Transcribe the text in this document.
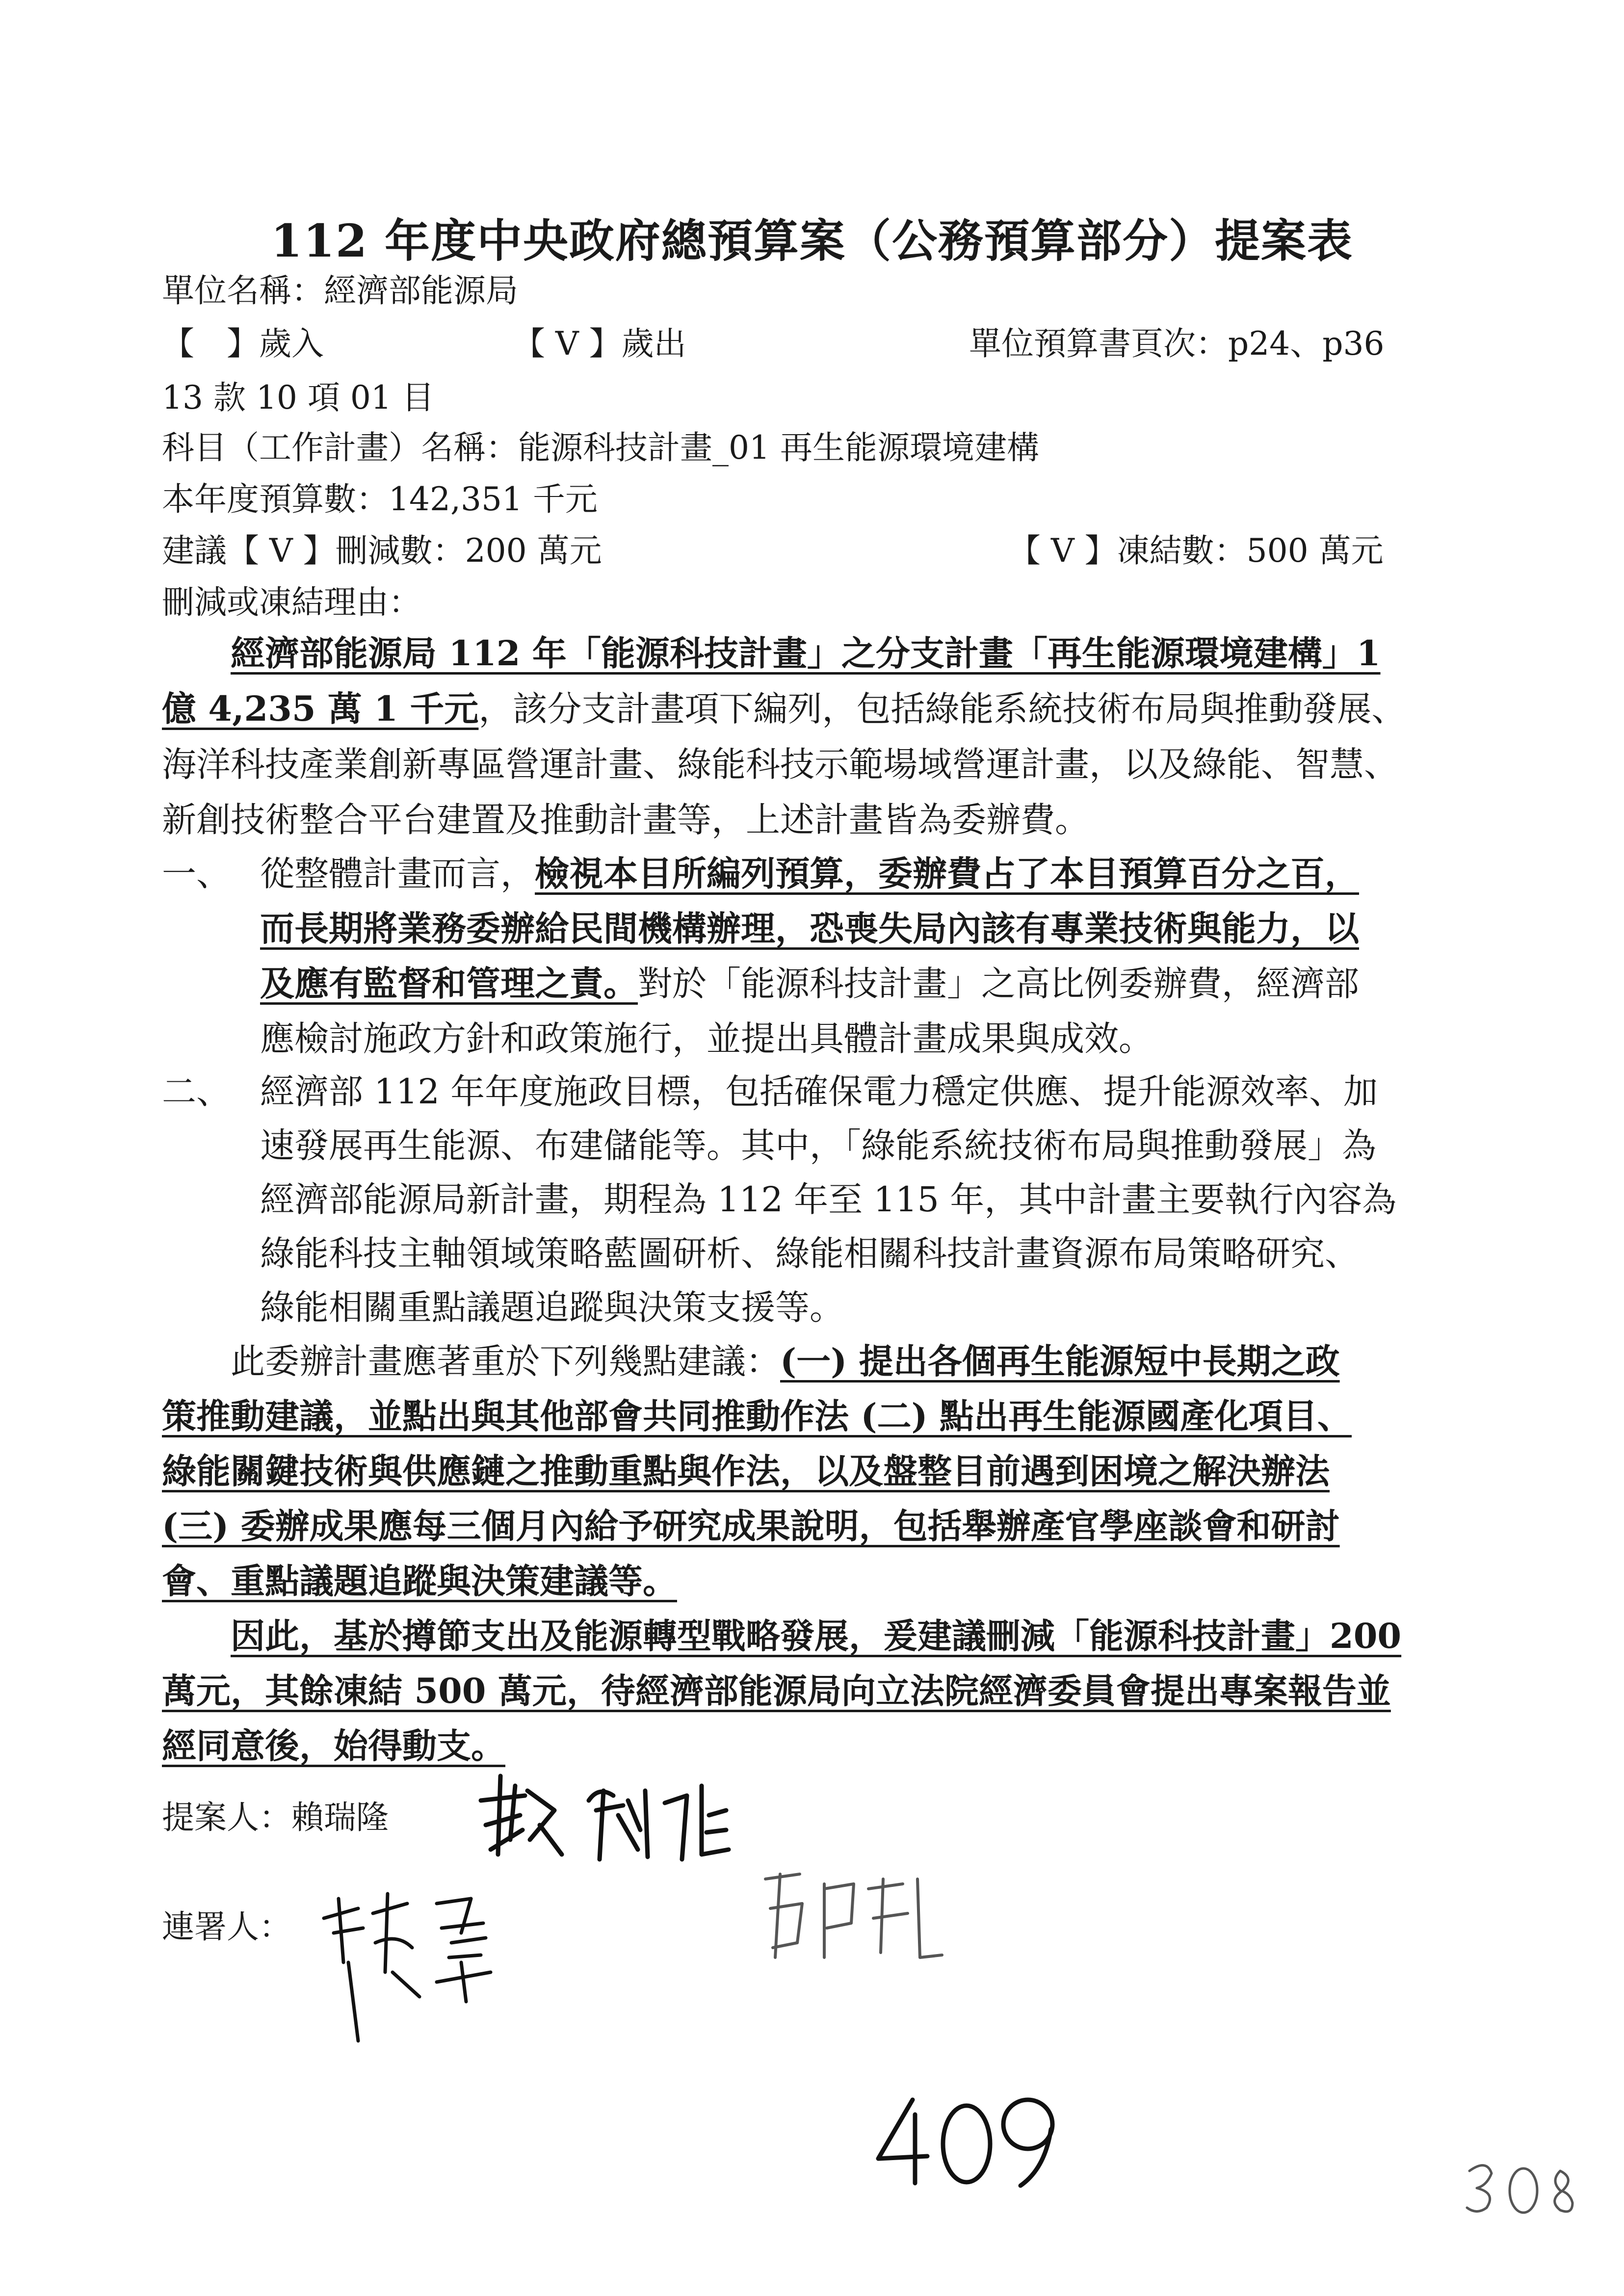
112 年度中央政府總預算案（公務預算部分）提案表
單位名稱：經濟部能源局
【　】歲入	【 V 】歲出	單位預算書頁次：p24、p36
13 款 10 項 01 目
科目（工作計畫）名稱：能源科技計畫_01 再生能源環境建構
本年度預算數：142,351 千元
建議【 V 】刪減數：200 萬元	【 V 】凍結數：500 萬元
刪減或凍結理由：
經濟部能源局 112 年「能源科技計畫」之分支計畫「再生能源環境建構」1
億 4,235 萬 1 千元，該分支計畫項下編列，包括綠能系統技術布局與推動發展、
海洋科技產業創新專區營運計畫、綠能科技示範場域營運計畫，以及綠能、智慧、
新創技術整合平台建置及推動計畫等，上述計畫皆為委辦費。
一、 從整體計畫而言，檢視本目所編列預算，委辦費占了本目預算百分之百，
而長期將業務委辦給民間機構辦理，恐喪失局內該有專業技術與能力，以
及應有監督和管理之責。對於「能源科技計畫」之高比例委辦費，經濟部
應檢討施政方針和政策施行，並提出具體計畫成果與成效。
二、 經濟部 112 年年度施政目標，包括確保電力穩定供應、提升能源效率、加
速發展再生能源、布建儲能等。其中，「綠能系統技術布局與推動發展」為
經濟部能源局新計畫，期程為 112 年至 115 年，其中計畫主要執行內容為
綠能科技主軸領域策略藍圖研析、綠能相關科技計畫資源布局策略研究、
綠能相關重點議題追蹤與決策支援等。
此委辦計畫應著重於下列幾點建議：(一) 提出各個再生能源短中長期之政
策推動建議，並點出與其他部會共同推動作法 (二) 點出再生能源國產化項目、
綠能關鍵技術與供應鏈之推動重點與作法，以及盤整目前遇到困境之解決辦法
(三) 委辦成果應每三個月內給予研究成果說明，包括舉辦產官學座談會和研討
會、重點議題追蹤與決策建議等。
因此，基於撙節支出及能源轉型戰略發展，爰建議刪減「能源科技計畫」200
萬元，其餘凍結 500 萬元，待經濟部能源局向立法院經濟委員會提出專案報告並
經同意後，始得動支。
提案人：賴瑞隆
連署人：
